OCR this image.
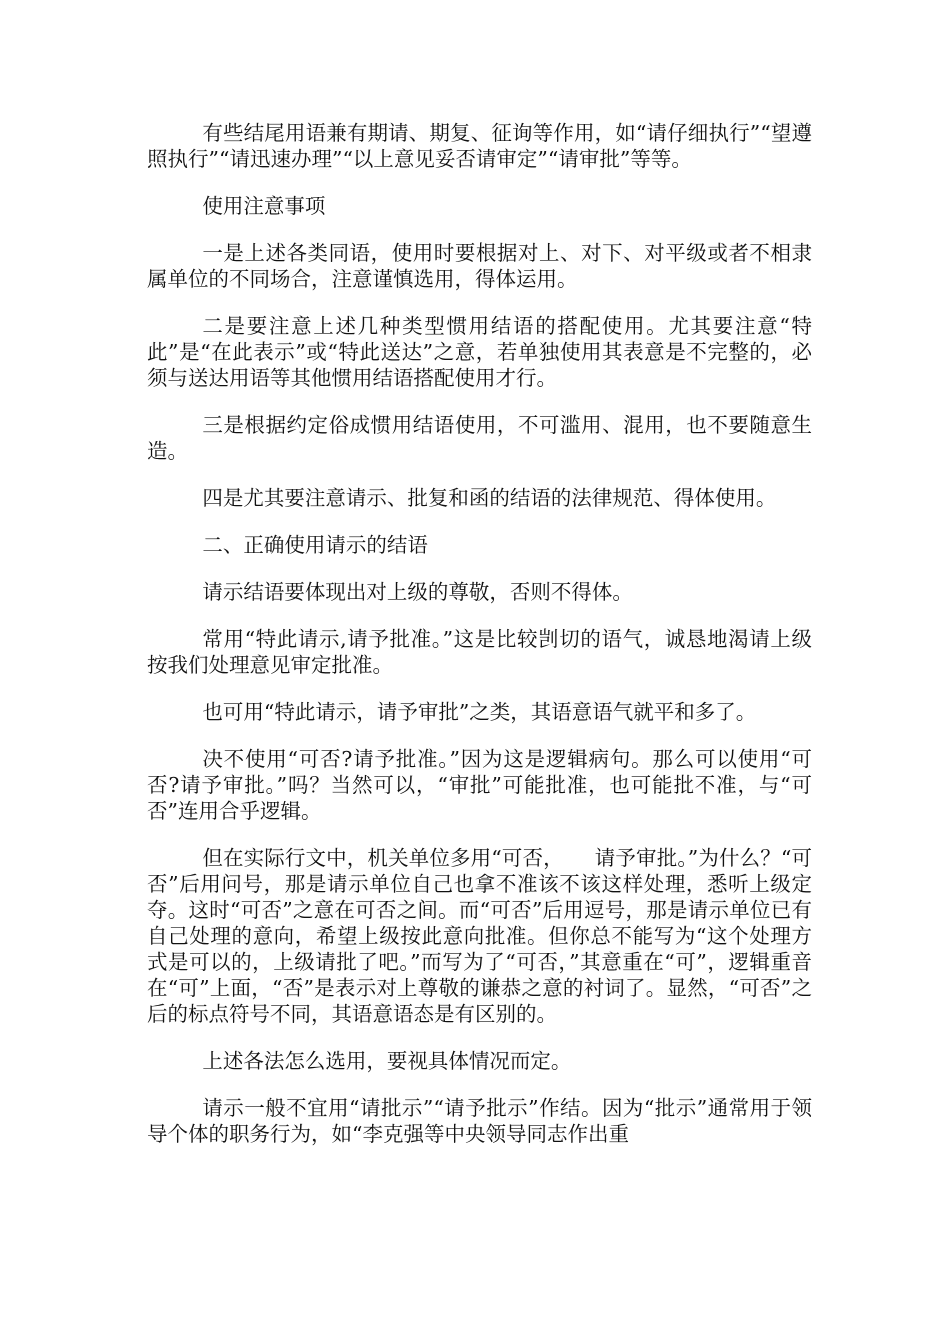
有些结尾用语兼有期请、期复、征询等作用，如“请仔细执行”“望遵照执行”“请迅速办理”“以上意见妥否请审定”“请审批”等等。

使用注意事项

一是上述各类同语，使用时要根据对上、对下、对平级或者不相隶属单位的不同场合，注意谨慎选用，得体运用。

二是要注意上述几种类型惯用结语的搭配使用。尤其要注意“特此”是“在此表示”或“特此送达”之意，若单独使用其表意是不完整的，必须与送达用语等其他惯用结语搭配使用才行。

三是根据约定俗成惯用结语使用，不可滥用、混用，也不要随意生造。

四是尤其要注意请示、批复和函的结语的法律规范、得体使用。

二、正确使用请示的结语

请示结语要体现出对上级的尊敬，否则不得体。

常用“特此请示,请予批准。”这是比较剀切的语气，诚恳地渴请上级按我们处理意见审定批准。

也可用“特此请示，请予审批”之类，其语意语气就平和多了。

决不使用“可否?请予批准。”因为这是逻辑病句。那么可以使用“可否?请予审批。”吗？当然可以，“审批”可能批准，也可能批不准，与“可否”连用合乎逻辑。

但在实际行文中，机关单位多用“可否，　　请予审批。”为什么？“可否”后用问号，那是请示单位自己也拿不准该不该这样处理，悉听上级定夺。这时“可否”之意在可否之间。而“可否”后用逗号，那是请示单位已有自己处理的意向，希望上级按此意向批准。但你总不能写为“这个处理方式是可以的，上级请批了吧。”而写为了“可否，”其意重在“可”，逻辑重音在“可”上面，“否”是表示对上尊敬的谦恭之意的衬词了。显然，“可否”之后的标点符号不同，其语意语态是有区别的。

上述各法怎么选用，要视具体情况而定。

请示一般不宜用“请批示”“请予批示”作结。因为“批示”通常用于领导个体的职务行为，如“李克强等中央领导同志作出重
